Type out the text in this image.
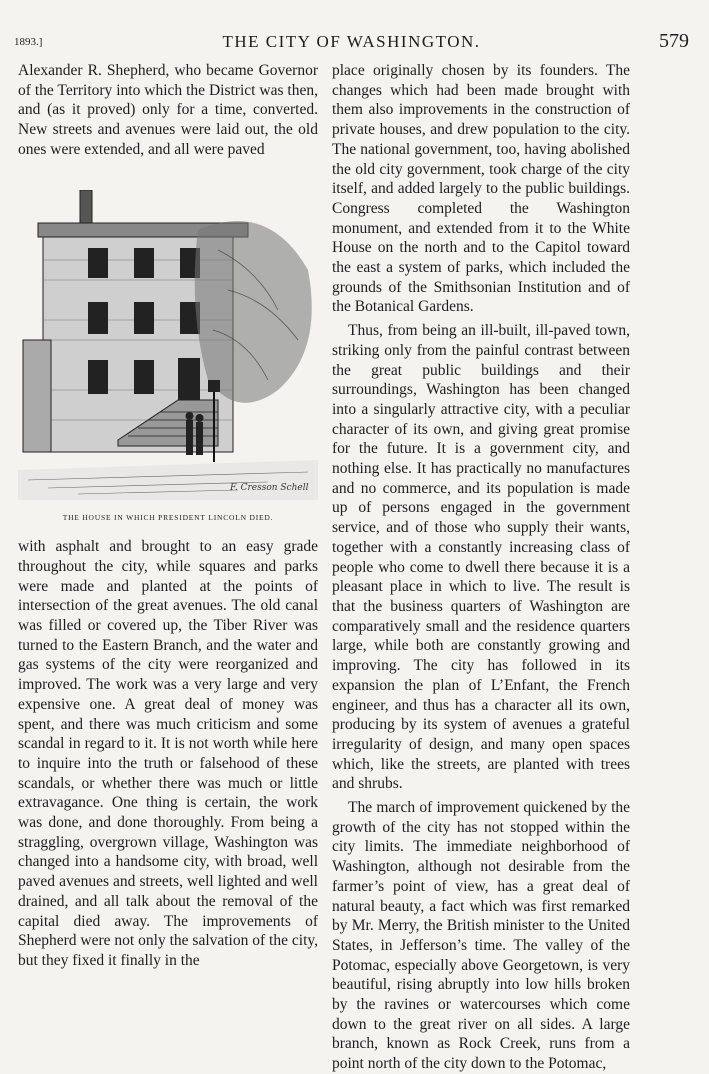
1893.]	THE CITY OF WASHINGTON.	579

Alexander R. Shepherd, who became Governor of the Territory into which the District was then, and (as it proved) only for a time, converted. New streets and avenues were laid out, the old ones were extended, and all were paved

F. Cresson Schell
THE HOUSE IN WHICH PRESIDENT LINCOLN DIED.

with asphalt and brought to an easy grade throughout the city, while squares and parks were made and planted at the points of intersection of the great avenues. The old canal was filled or covered up, the Tiber River was turned to the Eastern Branch, and the water and gas systems of the city were reorganized and improved. The work was a very large and very expensive one. A great deal of money was spent, and there was much criticism and some scandal in regard to it. It is not worth while here to inquire into the truth or falsehood of these scandals, or whether there was much or little extravagance. One thing is certain, the work was done, and done thoroughly. From being a straggling, overgrown village, Washington was changed into a handsome city, with broad, well paved avenues and streets, well lighted and well drained, and all talk about the removal of the capital died away. The improvements of Shepherd were not only the salvation of the city, but they fixed it finally in the

place originally chosen by its founders. The changes which had been made brought with them also improvements in the construction of private houses, and drew population to the city. The national government, too, having abolished the old city government, took charge of the city itself, and added largely to the public buildings. Congress completed the Washington monument, and extended from it to the White House on the north and to the Capitol toward the east a system of parks, which included the grounds of the Smithsonian Institution and of the Botanical Gardens.

Thus, from being an ill-built, ill-paved town, striking only from the painful contrast between the great public buildings and their surroundings, Washington has been changed into a singularly attractive city, with a peculiar character of its own, and giving great promise for the future. It is a government city, and nothing else. It has practically no manufactures and no commerce, and its population is made up of persons engaged in the government service, and of those who supply their wants, together with a constantly increasing class of people who come to dwell there because it is a pleasant place in which to live. The result is that the business quarters of Washington are comparatively small and the residence quarters large, while both are constantly growing and improving. The city has followed in its expansion the plan of L’Enfant, the French engineer, and thus has a character all its own, producing by its system of avenues a grateful irregularity of design, and many open spaces which, like the streets, are planted with trees and shrubs.

The march of improvement quickened by the growth of the city has not stopped within the city limits. The immediate neighborhood of Washington, although not desirable from the farmer’s point of view, has a great deal of natural beauty, a fact which was first remarked by Mr. Merry, the British minister to the United States, in Jefferson’s time. The valley of the Potomac, especially above Georgetown, is very beautiful, rising abruptly into low hills broken by the ravines or watercourses which come down to the great river on all sides. A large branch, known as Rock Creek, runs from a point north of the city down to the Potomac,
